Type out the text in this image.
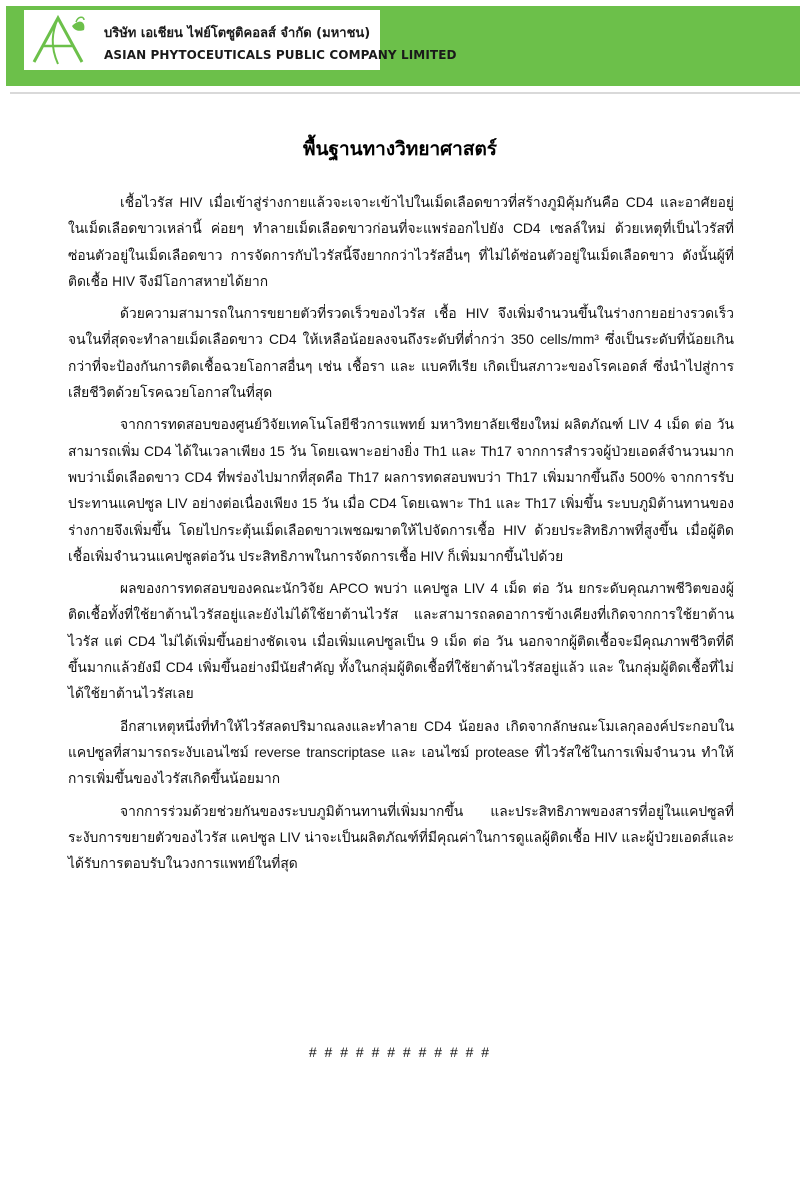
บริษัท เอเชียน ไฟย์โตซูติคอลส์ จำกัด (มหาชน)
ASIAN PHYTOCEUTICALS PUBLIC COMPANY LIMITED
พื้นฐานทางวิทยาศาสตร์

เชื้อไวรัส HIV เมื่อเข้าสู่ร่างกายแล้วจะเจาะเข้าไปในเม็ดเลือดขาวที่สร้างภูมิคุ้มกันคือ CD4 และอาศัยอยู่ในเม็ดเลือดขาวเหล่านี้ ค่อยๆ ทำลายเม็ดเลือดขาวก่อนที่จะแพร่ออกไปยัง CD4 เซลล์ใหม่ ด้วยเหตุที่เป็นไวรัสที่ซ่อนตัวอยู่ในเม็ดเลือดขาว การจัดการกับไวรัสนี้จึงยากกว่าไวรัสอื่นๆ ที่ไม่ได้ซ่อนตัวอยู่ในเม็ดเลือดขาว ดังนั้นผู้ที่ติดเชื้อ HIV จึงมีโอกาสหายได้ยาก

ด้วยความสามารถในการขยายตัวที่รวดเร็วของไวรัส เชื้อ HIV จึงเพิ่มจำนวนขึ้นในร่างกายอย่างรวดเร็วจนในที่สุดจะทำลายเม็ดเลือดขาว CD4 ให้เหลือน้อยลงจนถึงระดับที่ต่ำกว่า 350 cells/mm³ ซึ่งเป็นระดับที่น้อยเกินกว่าที่จะป้องกันการติดเชื้อฉวยโอกาสอื่นๆ เช่น เชื้อรา และ แบคทีเรีย เกิดเป็นสภาวะของโรคเอดส์ ซึ่งนำไปสู่การเสียชีวิตด้วยโรคฉวยโอกาสในที่สุด

จากการทดสอบของศูนย์วิจัยเทคโนโลยีชีวการแพทย์ มหาวิทยาลัยเชียงใหม่ ผลิตภัณฑ์ LIV 4 เม็ด ต่อ วัน สามารถเพิ่ม CD4 ได้ในเวลาเพียง 15 วัน โดยเฉพาะอย่างยิ่ง Th1 และ Th17 จากการสำรวจผู้ป่วยเอดส์จำนวนมากพบว่าเม็ดเลือดขาว CD4 ที่พร่องไปมากที่สุดคือ Th17 ผลการทดสอบพบว่า Th17 เพิ่มมากขึ้นถึง 500% จากการรับประทานแคปซูล LIV อย่างต่อเนื่องเพียง 15 วัน เมื่อ CD4 โดยเฉพาะ Th1 และ Th17 เพิ่มขึ้น ระบบภูมิต้านทานของร่างกายจึงเพิ่มขึ้น โดยไปกระตุ้นเม็ดเลือดขาวเพชฌฆาตให้ไปจัดการเชื้อ HIV ด้วยประสิทธิภาพที่สูงขึ้น เมื่อผู้ติดเชื้อเพิ่มจำนวนแคปซูลต่อวัน ประสิทธิภาพในการจัดการเชื้อ HIV ก็เพิ่มมากขึ้นไปด้วย

ผลของการทดสอบของคณะนักวิจัย APCO พบว่า แคปซูล LIV 4 เม็ด ต่อ วัน ยกระดับคุณภาพชีวิตของผู้ติดเชื้อทั้งที่ใช้ยาต้านไวรัสอยู่และยังไม่ได้ใช้ยาต้านไวรัส และสามารถลดอาการข้างเคียงที่เกิดจากการใช้ยาต้านไวรัส แต่ CD4 ไม่ได้เพิ่มขึ้นอย่างชัดเจน เมื่อเพิ่มแคปซูลเป็น 9 เม็ด ต่อ วัน นอกจากผู้ติดเชื้อจะมีคุณภาพชีวิตที่ดีขึ้นมากแล้วยังมี CD4 เพิ่มขึ้นอย่างมีนัยสำคัญ ทั้งในกลุ่มผู้ติดเชื้อที่ใช้ยาต้านไวรัสอยู่แล้ว และ ในกลุ่มผู้ติดเชื้อที่ไม่ได้ใช้ยาต้านไวรัสเลย

อีกสาเหตุหนึ่งที่ทำให้ไวรัสลดปริมาณลงและทำลาย CD4 น้อยลง เกิดจากลักษณะโมเลกุลองค์ประกอบในแคปซูลที่สามารถระงับเอนไซม์ reverse transcriptase และ เอนไซม์ protease ที่ไวรัสใช้ในการเพิ่มจำนวน ทำให้การเพิ่มขึ้นของไวรัสเกิดขึ้นน้อยมาก

จากการร่วมด้วยช่วยกันของระบบภูมิต้านทานที่เพิ่มมากขึ้น และประสิทธิภาพของสารที่อยู่ในแคปซูลที่ระงับการขยายตัวของไวรัส แคปซูล LIV น่าจะเป็นผลิตภัณฑ์ที่มีคุณค่าในการดูแลผู้ติดเชื้อ HIV และผู้ป่วยเอดส์และได้รับการตอบรับในวงการแพทย์ในที่สุด

# # # # # # # # # # # #
